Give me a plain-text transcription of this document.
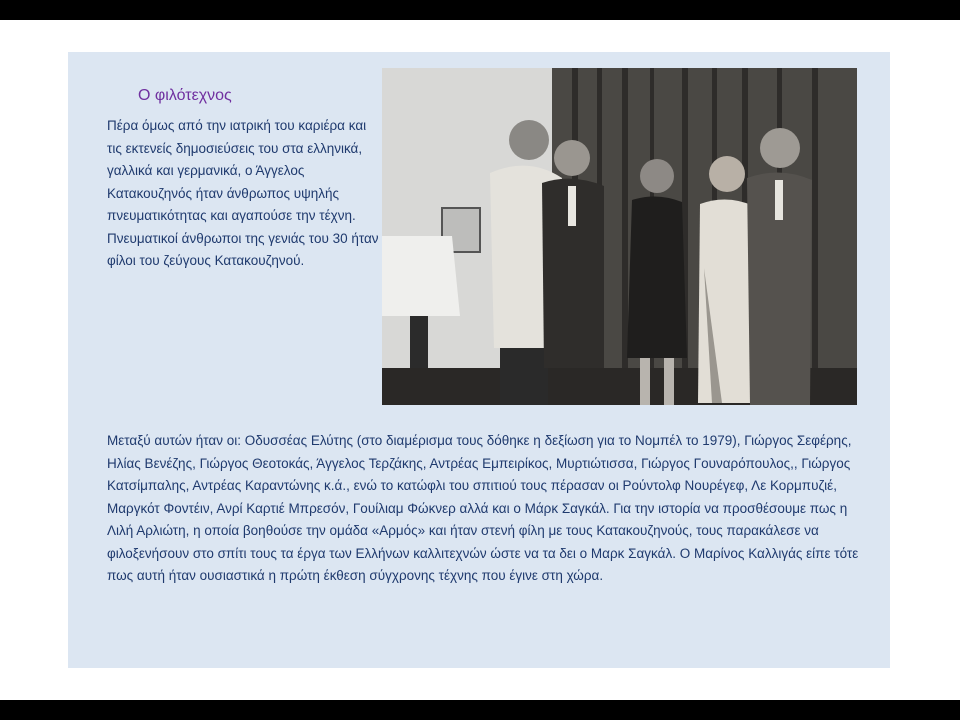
Ο φιλότεχνος

Πέρα όμως από την ιατρική του καριέρα και τις εκτενείς δημοσιεύσεις του στα ελληνικά, γαλλικά και γερμανικά, ο Άγγελος Κατακουζηνός ήταν άνθρωπος υψηλής πνευματικότητας και αγαπούσε την τέχνη. Πνευματικοί άνθρωποι της γενιάς του 30 ήταν φίλοι του ζεύγους Κατακουζηνού.

Μεταξύ αυτών ήταν οι: Οδυσσέας Ελύτης (στο διαμέρισμα τους δόθηκε η δεξίωση για το Νομπέλ το 1979), Γιώργος Σεφέρης, Ηλίας Βενέζης, Γιώργος Θεοτοκάς, Άγγελος Τερζάκης, Αντρέας Εμπειρίκος, Μυρτιώτισσα, Γιώργος Γουναρόπουλος,, Γιώργος Κατσίμπαλης, Αντρέας Καραντώνης κ.ά., ενώ το κατώφλι του σπιτιού τους πέρασαν οι Ρούντολφ Νουρέγεφ, Λε Κορμπυζιέ, Μαργκότ Φοντέιν, Ανρί Καρτιέ Μπρεσόν, Γουίλιαμ Φώκνερ αλλά και ο Μάρκ Σαγκάλ. Για την ιστορία να προσθέσουμε πως η Λιλή Αρλιώτη, η οποία βοηθούσε την ομάδα «Αρμός» και ήταν στενή φίλη με τους Κατακουζηνούς, τους παρακάλεσε να φιλοξενήσουν στο σπίτι τους τα έργα των Ελλήνων καλλιτεχνών ώστε να τα δει ο Μαρκ Σαγκάλ. Ο Μαρίνος Καλλιγάς είπε τότε πως αυτή ήταν ουσιαστικά η πρώτη έκθεση σύγχρονης τέχνης που έγινε στη χώρα.
